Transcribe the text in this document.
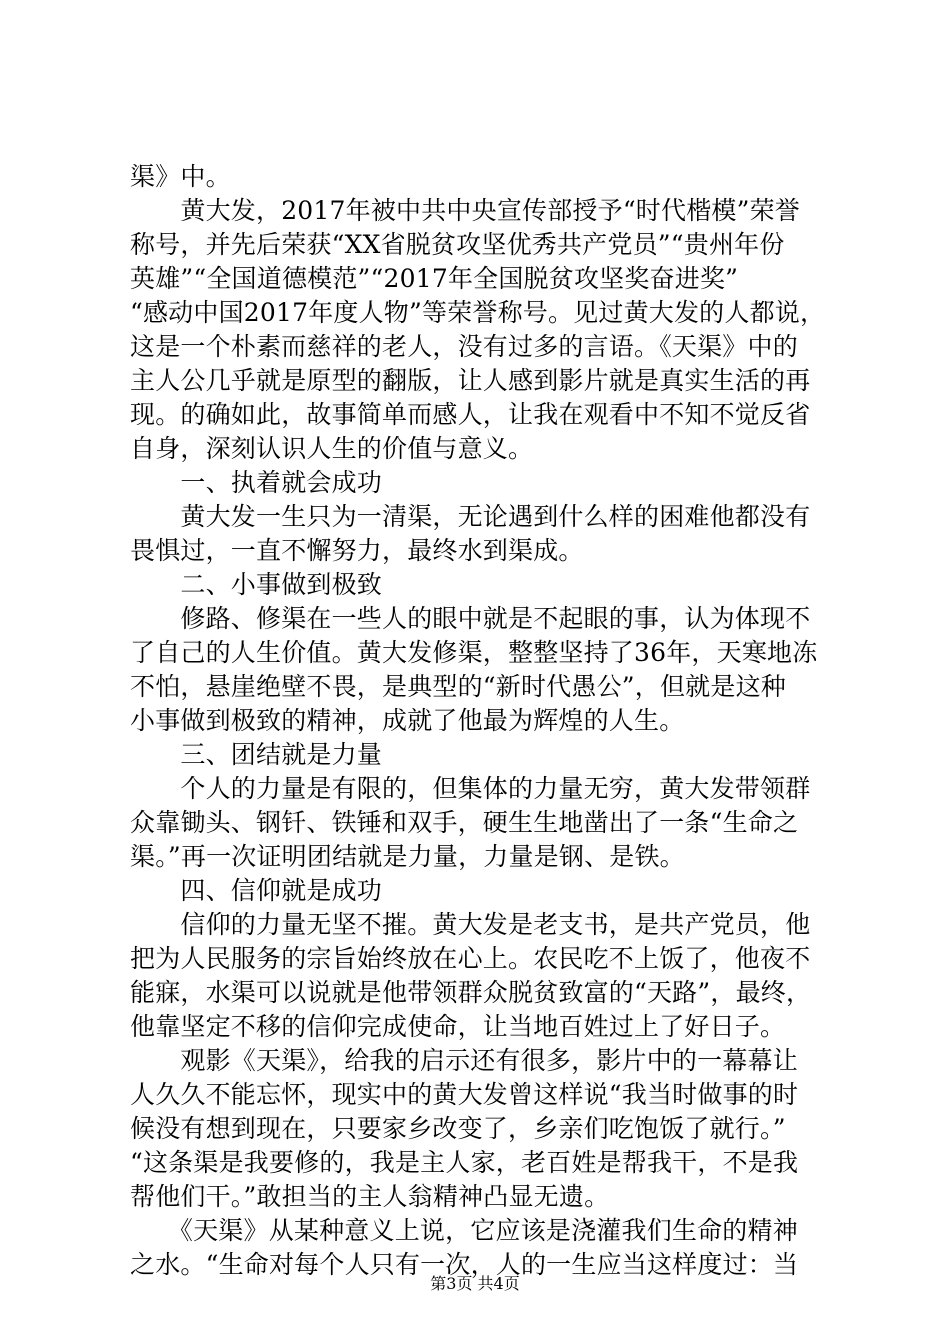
渠》中。
　　黄大发，2017年被中共中央宣传部授予“时代楷模”荣誉
称号，并先后荣获“XX省脱贫攻坚优秀共产党员”“贵州年份
英雄”“全国道德模范”“2017年全国脱贫攻坚奖奋进奖”
“感动中国2017年度人物”等荣誉称号。见过黄大发的人都说，
这是一个朴素而慈祥的老人，没有过多的言语。《天渠》中的
主人公几乎就是原型的翻版，让人感到影片就是真实生活的再
现。的确如此，故事简单而感人，让我在观看中不知不觉反省
自身，深刻认识人生的价值与意义。
　　一、执着就会成功
　　黄大发一生只为一清渠，无论遇到什么样的困难他都没有
畏惧过，一直不懈努力，最终水到渠成。
　　二、小事做到极致
　　修路、修渠在一些人的眼中就是不起眼的事，认为体现不
了自己的人生价值。黄大发修渠，整整坚持了36年，天寒地冻
不怕，悬崖绝壁不畏，是典型的“新时代愚公”，但就是这种
小事做到极致的精神，成就了他最为辉煌的人生。
　　三、团结就是力量
　　个人的力量是有限的，但集体的力量无穷，黄大发带领群
众靠锄头、钢钎、铁锤和双手，硬生生地凿出了一条“生命之
渠。”再一次证明团结就是力量，力量是钢、是铁。
　　四、信仰就是成功
　　信仰的力量无坚不摧。黄大发是老支书，是共产党员，他
把为人民服务的宗旨始终放在心上。农民吃不上饭了，他夜不
能寐，水渠可以说就是他带领群众脱贫致富的“天路”，最终，
他靠坚定不移的信仰完成使命，让当地百姓过上了好日子。
　　观影《天渠》，给我的启示还有很多，影片中的一幕幕让
人久久不能忘怀，现实中的黄大发曾这样说“我当时做事的时
候没有想到现在，只要家乡改变了，乡亲们吃饱饭了就行。”
“这条渠是我要修的，我是主人家，老百姓是帮我干，不是我
帮他们干。”敢担当的主人翁精神凸显无遗。
　　《天渠》从某种意义上说，它应该是浇灌我们生命的精神
之水。“生命对每个人只有一次，人的一生应当这样度过：当
第3页 共4页
